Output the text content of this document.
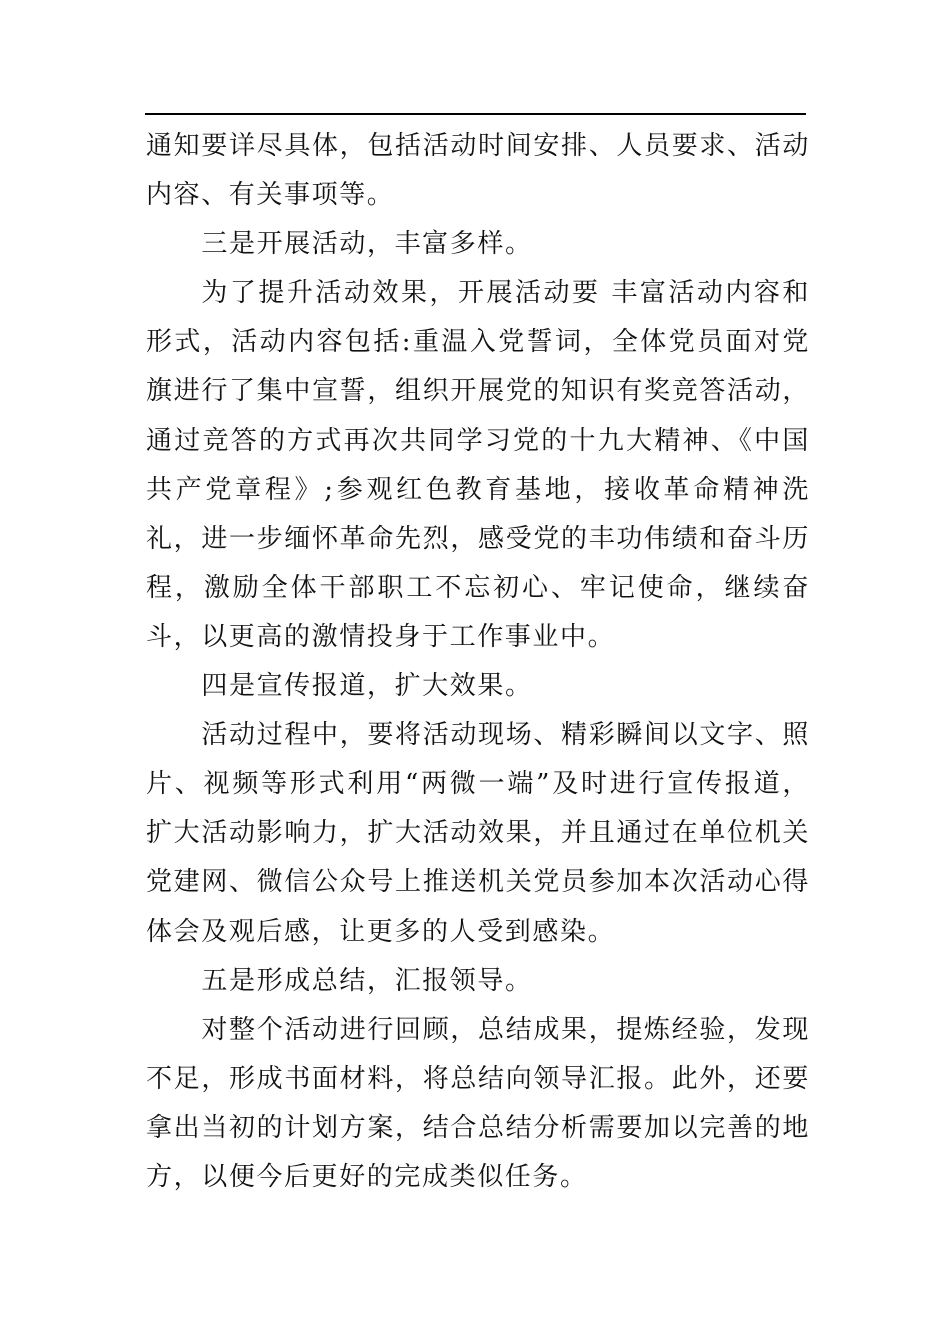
通知要详尽具体，包括活动时间安排、人员要求、活动内容、有关事项等。

三是开展活动，丰富多样。

为了提升活动效果，开展活动要 丰富活动内容和形式，活动内容包括:重温入党誓词，全体党员面对党旗进行了集中宣誓，组织开展党的知识有奖竞答活动，通过竞答的方式再次共同学习党的十九大精神、《中国共产党章程》;参观红色教育基地，接收革命精神洗礼，进一步缅怀革命先烈，感受党的丰功伟绩和奋斗历程，激励全体干部职工不忘初心、牢记使命，继续奋斗，以更高的激情投身于工作事业中。

四是宣传报道，扩大效果。

活动过程中，要将活动现场、精彩瞬间以文字、照片、视频等形式利用“两微一端”及时进行宣传报道，扩大活动影响力，扩大活动效果，并且通过在单位机关党建网、微信公众号上推送机关党员参加本次活动心得体会及观后感，让更多的人受到感染。

五是形成总结，汇报领导。

对整个活动进行回顾，总结成果，提炼经验，发现不足，形成书面材料，将总结向领导汇报。此外，还要拿出当初的计划方案，结合总结分析需要加以完善的地方，以便今后更好的完成类似任务。
